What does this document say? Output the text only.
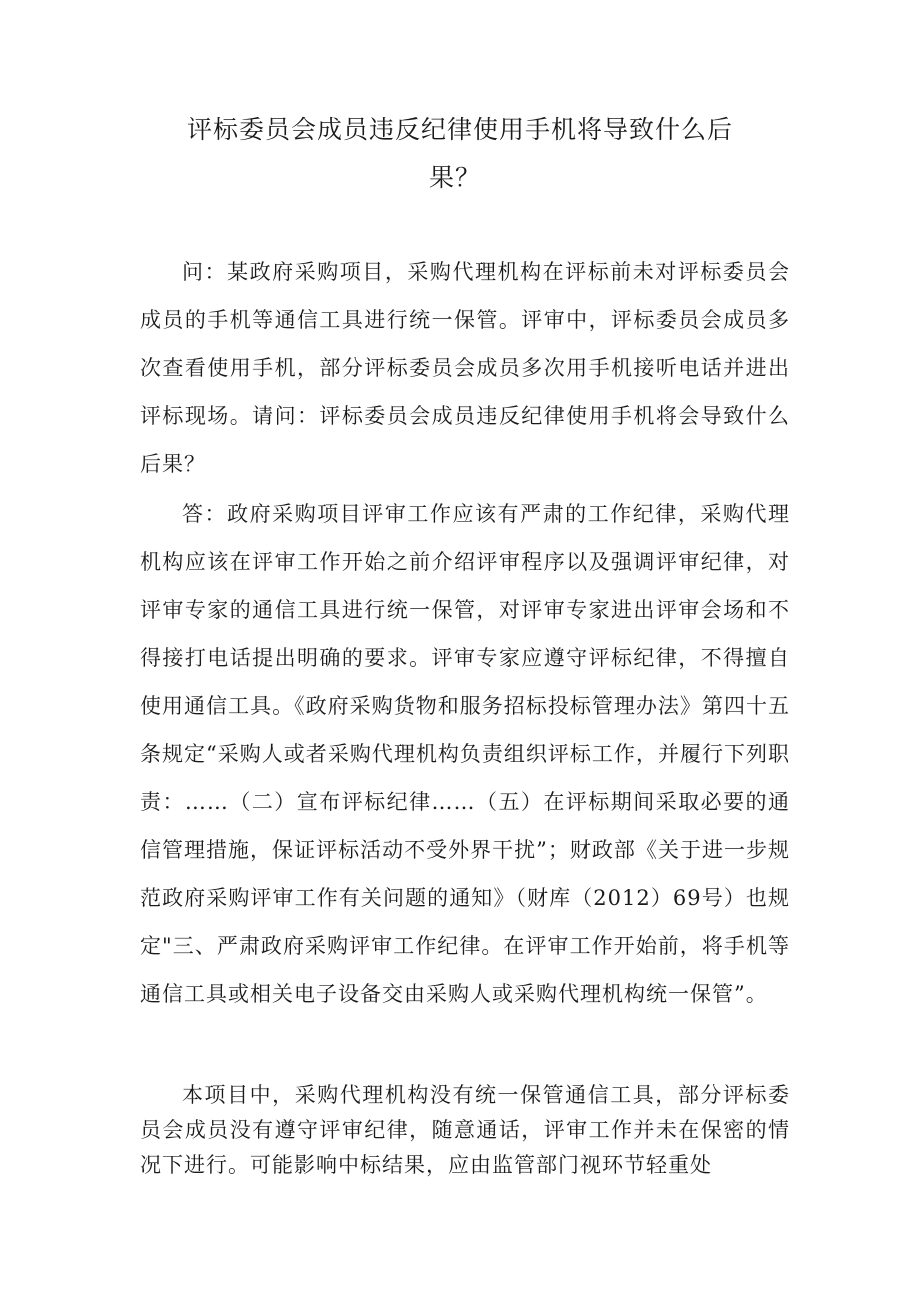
评标委员会成员违反纪律使用手机将导致什么后
果？

问：某政府采购项目，采购代理机构在评标前未对评标委员会成员的手机等通信工具进行统一保管。评审中，评标委员会成员多次查看使用手机，部分评标委员会成员多次用手机接听电话并进出评标现场。请问：评标委员会成员违反纪律使用手机将会导致什么后果？

答：政府采购项目评审工作应该有严肃的工作纪律，采购代理机构应该在评审工作开始之前介绍评审程序以及强调评审纪律，对评审专家的通信工具进行统一保管，对评审专家进出评审会场和不得接打电话提出明确的要求。评审专家应遵守评标纪律，不得擅自使用通信工具。《政府采购货物和服务招标投标管理办法》第四十五条规定“采购人或者采购代理机构负责组织评标工作，并履行下列职责：……（二）宣布评标纪律……（五）在评标期间采取必要的通信管理措施，保证评标活动不受外界干扰”；财政部《关于进一步规范政府采购评审工作有关问题的通知》（财库（2012）69号）也规定"三、严肃政府采购评审工作纪律。在评审工作开始前，将手机等通信工具或相关电子设备交由采购人或采购代理机构统一保管”。

本项目中，采购代理机构没有统一保管通信工具，部分评标委员会成员没有遵守评审纪律，随意通话，评审工作并未在保密的情况下进行。可能影响中标结果，应由监管部门视环节轻重处
